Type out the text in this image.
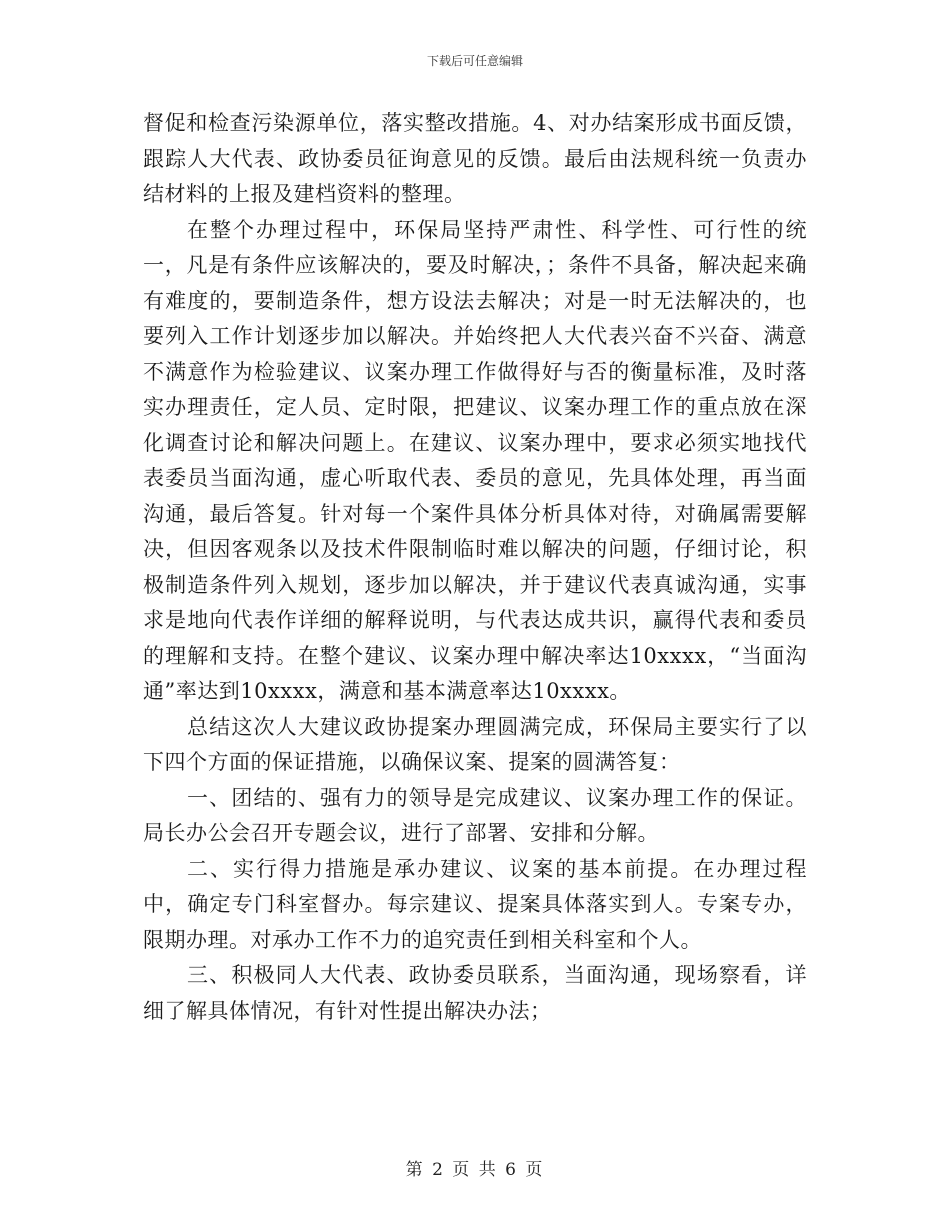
下载后可任意编辑

督促和检查污染源单位，落实整改措施。4、对办结案形成书面反馈，跟踪人大代表、政协委员征询意见的反馈。最后由法规科统一负责办结材料的上报及建档资料的整理。

在整个办理过程中，环保局坚持严肃性、科学性、可行性的统一，凡是有条件应该解决的，要及时解决，；条件不具备，解决起来确有难度的，要制造条件，想方设法去解决；对是一时无法解决的，也要列入工作计划逐步加以解决。并始终把人大代表兴奋不兴奋、满意不满意作为检验建议、议案办理工作做得好与否的衡量标准，及时落实办理责任，定人员、定时限，把建议、议案办理工作的重点放在深化调查讨论和解决问题上。在建议、议案办理中，要求必须实地找代表委员当面沟通，虚心听取代表、委员的意见，先具体处理，再当面沟通，最后答复。针对每一个案件具体分析具体对待，对确属需要解决，但因客观条以及技术件限制临时难以解决的问题，仔细讨论，积极制造条件列入规划，逐步加以解决，并于建议代表真诚沟通，实事求是地向代表作详细的解释说明，与代表达成共识，赢得代表和委员的理解和支持。在整个建议、议案办理中解决率达10xxxx，“当面沟通”率达到10xxxx，满意和基本满意率达10xxxx。

总结这次人大建议政协提案办理圆满完成，环保局主要实行了以下四个方面的保证措施，以确保议案、提案的圆满答复：

一、团结的、强有力的领导是完成建议、议案办理工作的保证。局长办公会召开专题会议，进行了部署、安排和分解。

二、实行得力措施是承办建议、议案的基本前提。在办理过程中，确定专门科室督办。每宗建议、提案具体落实到人。专案专办，限期办理。对承办工作不力的追究责任到相关科室和个人。

三、积极同人大代表、政协委员联系，当面沟通，现场察看，详细了解具体情况，有针对性提出解决办法；

第 2 页 共 6 页
